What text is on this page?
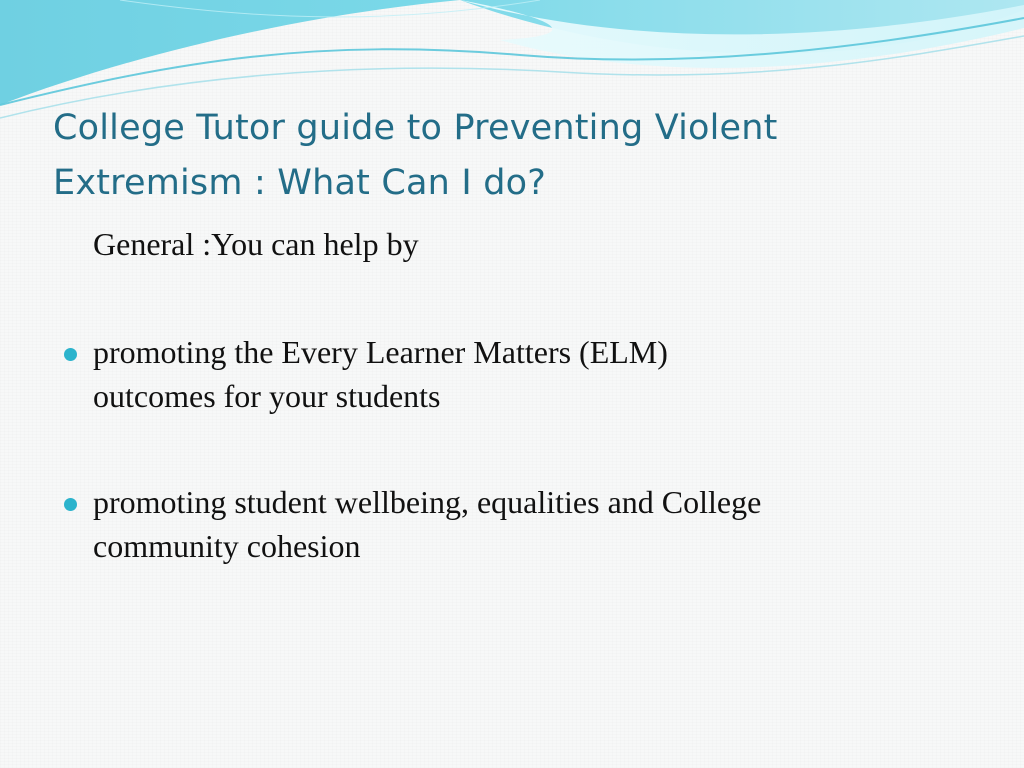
College Tutor guide to Preventing Violent Extremism : What Can I do?
General :You can help by
promoting the Every Learner Matters (ELM)
outcomes for your students
promoting student wellbeing, equalities and College
community cohesion
